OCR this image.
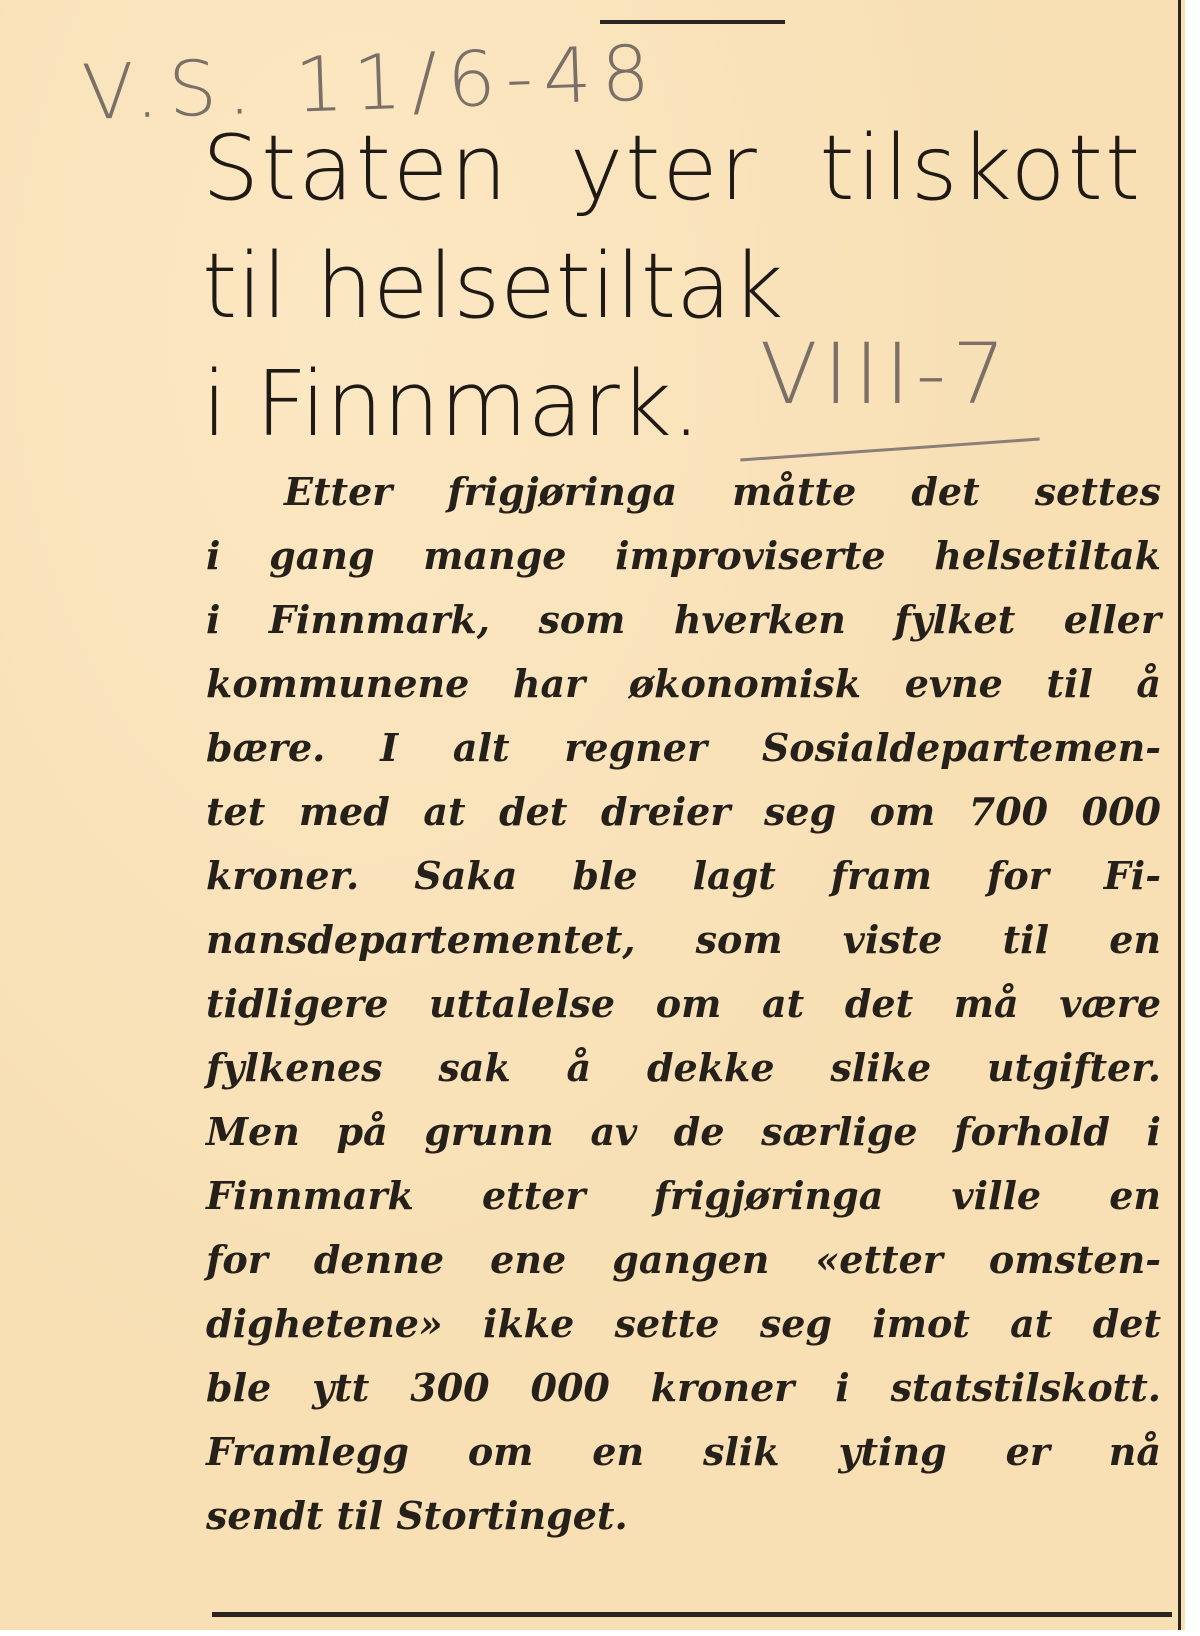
V.S. 11/6-48
VIII-7
Staten yter tilskott
til helsetiltak
i Finnmark.
Etter frigjøringa måtte det settes
i gang mange improviserte helsetiltak
i Finnmark, som hverken fylket eller
kommunene har økonomisk evne til å
bære. I alt regner Sosialdepartemen-
tet med at det dreier seg om 700 000
kroner. Saka ble lagt fram for Fi-
nansdepartementet, som viste til en
tidligere uttalelse om at det må være
fylkenes sak å dekke slike utgifter.
Men på grunn av de særlige forhold i
Finnmark etter frigjøringa ville en
for denne ene gangen «etter omsten-
dighetene» ikke sette seg imot at det
ble ytt 300 000 kroner i statstilskott.
Framlegg om en slik yting er nå
sendt til Stortinget.
